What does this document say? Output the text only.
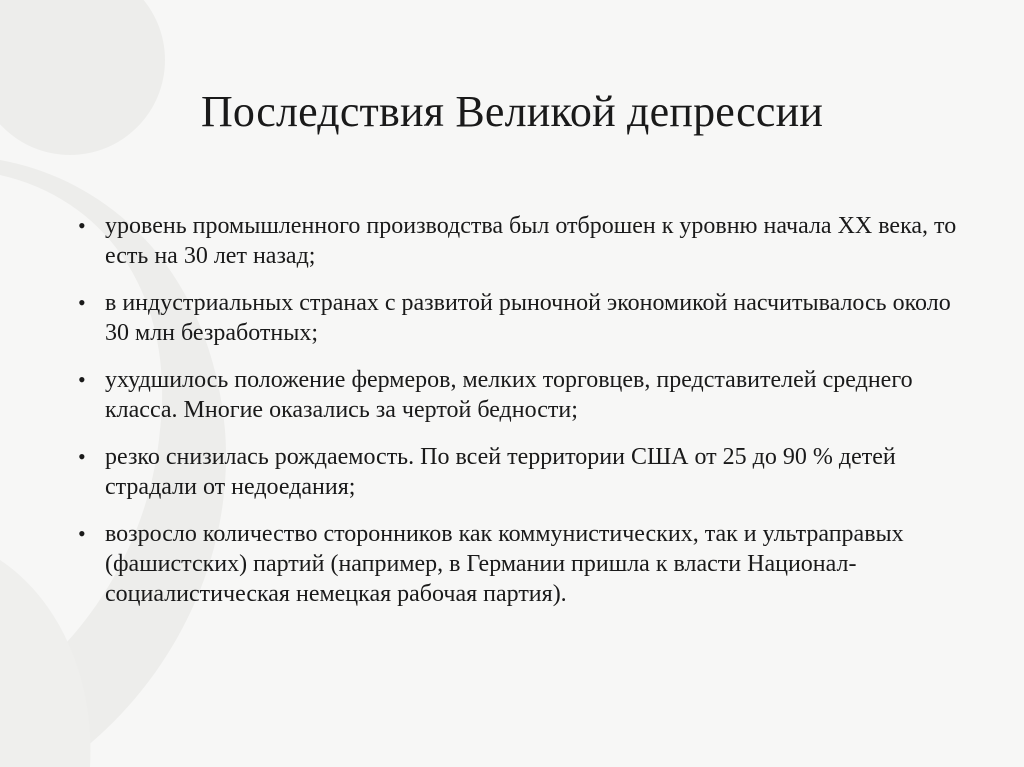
Последствия Великой депрессии
• уровень промышленного производства был отброшен к уровню начала XX века, то есть на 30 лет назад;
• в индустриальных странах с развитой рыночной экономикой насчитывалось около 30 млн безработных;
• ухудшилось положение фермеров, мелких торговцев, представителей среднего класса. Многие оказались за чертой бедности;
• резко снизилась рождаемость. По всей территории США от 25 до 90 % детей страдали от недоедания;
• возросло количество сторонников как коммунистических, так и ультраправых (фашистских) партий (например, в Германии пришла к власти Национал-социалистическая немецкая рабочая партия).
